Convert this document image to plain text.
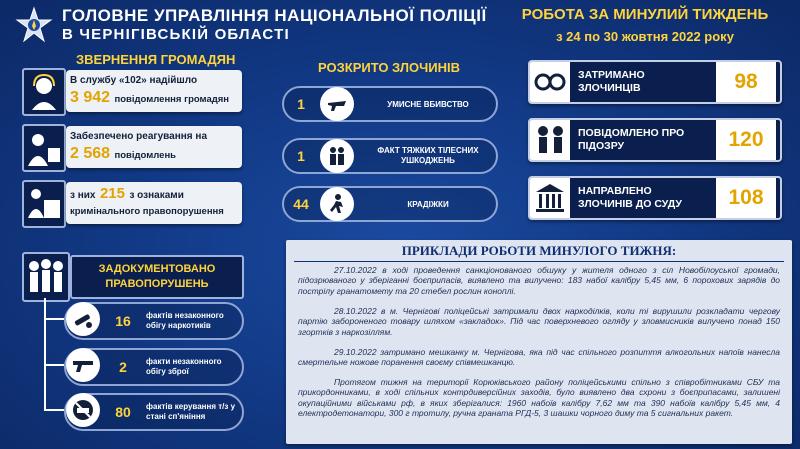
ГОЛОВНЕ УПРАВЛІННЯ НАЦІОНАЛЬНОЇ ПОЛІЦІЇ
В ЧЕРНІГІВСЬКІЙ ОБЛАСТІ
РОБОТА ЗА МИНУЛИЙ ТИЖДЕНЬ
з 24 по 30 жовтня 2022 року
ЗВЕРНЕННЯ ГРОМАДЯН
В службу «102» надійшло
3 942 повідомлення громадян
Забезпечено реагування на
2 568 повідомлень
з них 215 з ознаками
кримінального правопорушення
РОЗКРИТО ЗЛОЧИНІВ
1	УМИСНЕ ВБИВСТВО
1	ФАКТ ТЯЖКИХ ТІЛЕСНИХ УШКОДЖЕНЬ
44	КРАДІЖКИ
ЗАТРИМАНО ЗЛОЧИНЦІВ	98
ПОВІДОМЛЕНО ПРО ПІДОЗРУ	120
НАПРАВЛЕНО ЗЛОЧИНІВ ДО СУДУ	108
ЗАДОКУМЕНТОВАНО ПРАВОПОРУШЕНЬ
16	фактів незаконного обігу наркотиків
2	факти незаконного обігу зброї
80	фактів керування т/з у стані сп'яніння
ПРИКЛАДИ РОБОТИ МИНУЛОГО ТИЖНЯ:
27.10.2022 в ході проведення санкціонованого обшуку у жителя одного з сіл Новобілоуської громади, підозрюваного у зберіганні боєприпасів, виявлено та вилучено: 183 набої калібру 5,45 мм, 6 порохових зарядів до пострілу гранатомету та 20 стебел рослин коноплі.
28.10.2022 в м. Чернігові поліцейські затримали двох наркоділків, коли ті вирушили розкладати чергову партію забороненого товару шляхом «закладок». Під час поверхневого огляду у зловмисників вилучено понад 150 згортків з наркозіллям.
29.10.2022 затримано мешканку м. Чернігова, яка під час спільного розпиття алкогольних напоїв нанесла смертельне ножове поранення своєму співмешканцю.
Протягом тижня на території Корюківського району поліцейськими спільно з співробітниками СБУ та прикордонниками, в ході спільних контрдиверсійних заходів, було виявлено два схрони з боєприпасами, залишені окупаційними військами рф, в яких зберігалися: 1960 набоїв калібру 7,62 мм та 390 набоїв калібру 5,45 мм, 4 електродетонатори, 300 г тротилу, ручна граната РГД-5, 3 шашки чорного диму та 5 сигнальних ракет.
